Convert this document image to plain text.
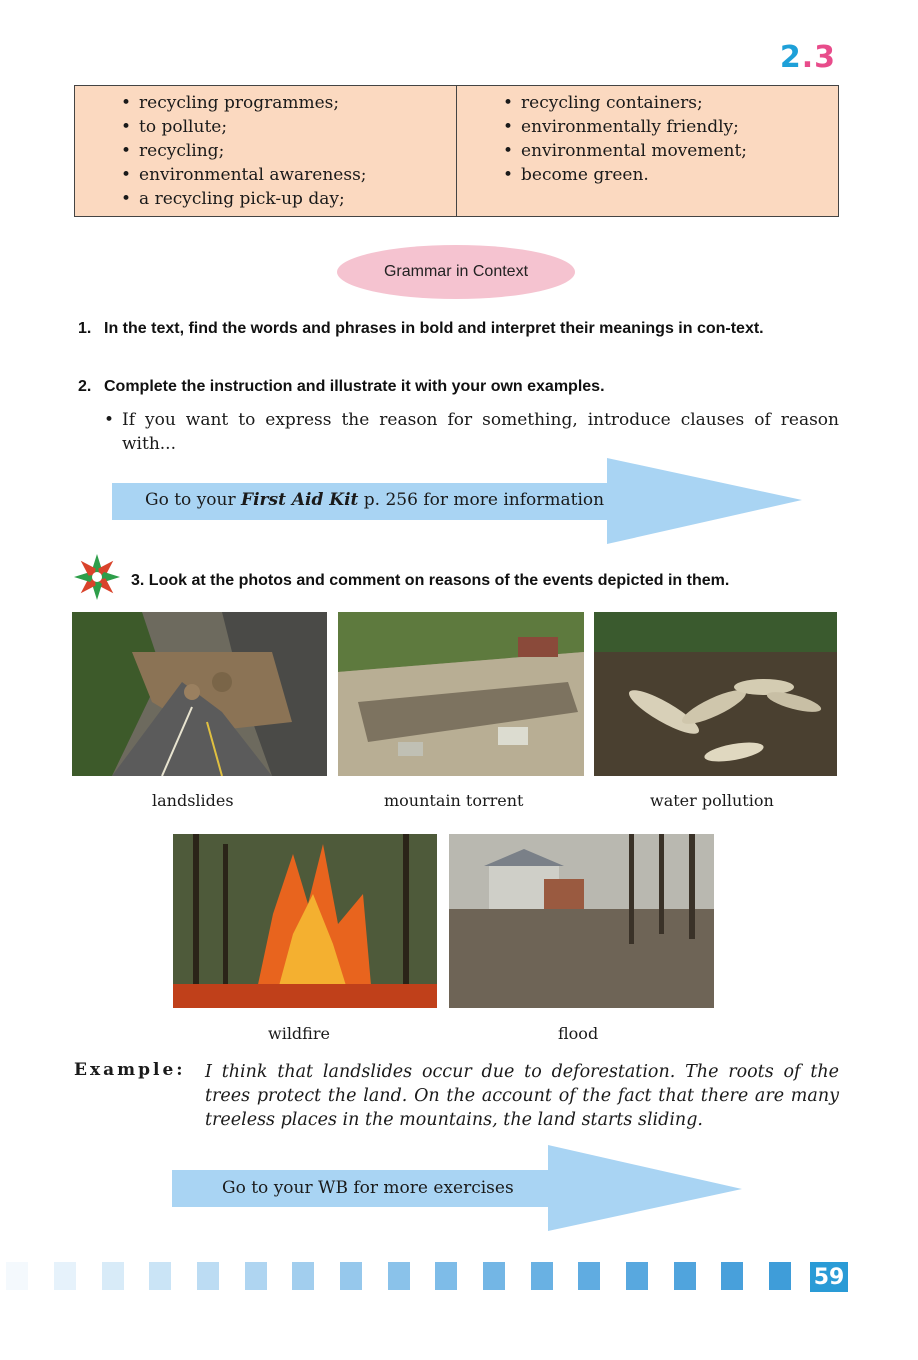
2.3
• recycling programmes;
• to pollute;
• recycling;
• environmental awareness;
• a recycling pick-up day;
• recycling containers;
• environmentally friendly;
• environmental movement;
• become green.
Grammar in Context
1. In the text, find the words and phrases in bold and interpret their meanings in con-text.
2. Complete the instruction and illustrate it with your own examples.
• If you want to express the reason for something, introduce clauses of reason with...
Go to your First Aid Kit p. 256 for more information
3. Look at the photos and comment on reasons of the events depicted in them.
landslides	mountain torrent	water pollution
wildfire	flood
Example: I think that landslides occur due to deforestation. The roots of the trees protect the land. On the account of the fact that there are many treeless places in the mountains, the land starts sliding.
Go to your WB for more exercises
59
